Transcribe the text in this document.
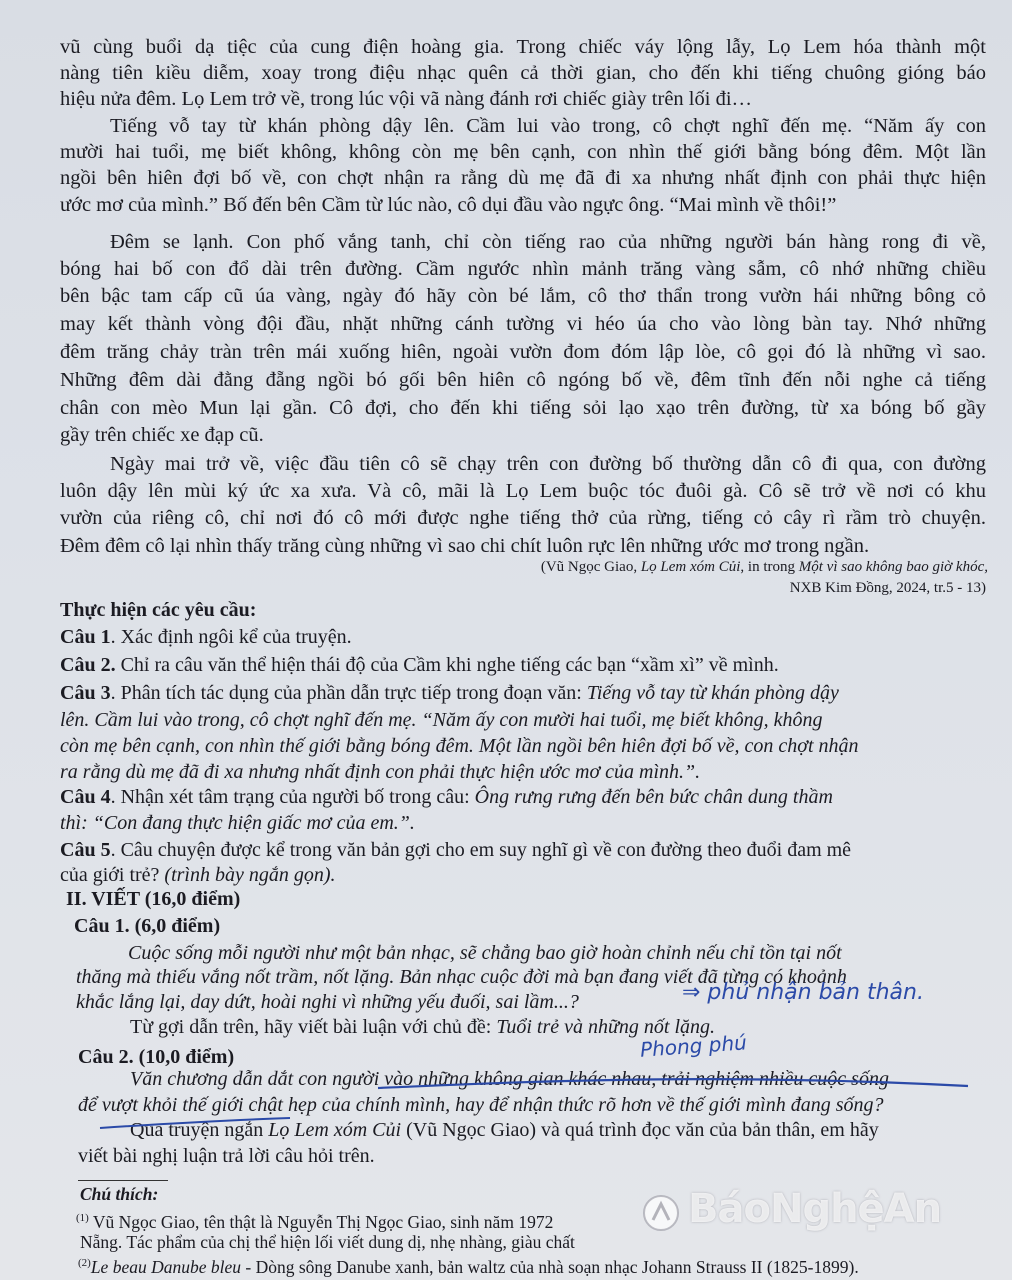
vũ cùng buổi dạ tiệc của cung điện hoàng gia. Trong chiếc váy lộng lẫy, Lọ Lem hóa thành một
nàng tiên kiều diễm, xoay trong điệu nhạc quên cả thời gian, cho đến khi tiếng chuông gióng báo
hiệu nửa đêm. Lọ Lem trở về, trong lúc vội vã nàng đánh rơi chiếc giày trên lối đi…
Tiếng vỗ tay từ khán phòng dậy lên. Cầm lui vào trong, cô chợt nghĩ đến mẹ. “Năm ấy con
mười hai tuổi, mẹ biết không, không còn mẹ bên cạnh, con nhìn thế giới bằng bóng đêm. Một lần
ngồi bên hiên đợi bố về, con chợt nhận ra rằng dù mẹ đã đi xa nhưng nhất định con phải thực hiện
ước mơ của mình.” Bố đến bên Cầm từ lúc nào, cô dụi đầu vào ngực ông. “Mai mình về thôi!”
Đêm se lạnh. Con phố vắng tanh, chỉ còn tiếng rao của những người bán hàng rong đi về,
bóng hai bố con đổ dài trên đường. Cầm ngước nhìn mảnh trăng vàng sẫm, cô nhớ những chiều
bên bậc tam cấp cũ úa vàng, ngày đó hãy còn bé lắm, cô thơ thẩn trong vườn hái những bông cỏ
may kết thành vòng đội đầu, nhặt những cánh tường vi héo úa cho vào lòng bàn tay. Nhớ những
đêm trăng chảy tràn trên mái xuống hiên, ngoài vườn đom đóm lập lòe, cô gọi đó là những vì sao.
Những đêm dài đằng đẵng ngồi bó gối bên hiên cô ngóng bố về, đêm tĩnh đến nỗi nghe cả tiếng
chân con mèo Mun lại gần. Cô đợi, cho đến khi tiếng sỏi lạo xạo trên đường, từ xa bóng bố gầy
gầy trên chiếc xe đạp cũ.
Ngày mai trở về, việc đầu tiên cô sẽ chạy trên con đường bố thường dẫn cô đi qua, con đường
luôn dậy lên mùi ký ức xa xưa. Và cô, mãi là Lọ Lem buộc tóc đuôi gà. Cô sẽ trở về nơi có khu
vườn của riêng cô, chỉ nơi đó cô mới được nghe tiếng thở của rừng, tiếng cỏ cây rì rầm trò chuyện.
Đêm đêm cô lại nhìn thấy trăng cùng những vì sao chi chít luôn rực lên những ước mơ trong ngần.
(Vũ Ngọc Giao, Lọ Lem xóm Củi, in trong Một vì sao không bao giờ khóc,
NXB Kim Đồng, 2024, tr.5 - 13)
Thực hiện các yêu cầu:
Câu 1. Xác định ngôi kể của truyện.
Câu 2. Chỉ ra câu văn thể hiện thái độ của Cầm khi nghe tiếng các bạn “xầm xì” về mình.
Câu 3. Phân tích tác dụng của phần dẫn trực tiếp trong đoạn văn: Tiếng vỗ tay từ khán phòng dậy
lên. Cầm lui vào trong, cô chợt nghĩ đến mẹ. “Năm ấy con mười hai tuổi, mẹ biết không, không
còn mẹ bên cạnh, con nhìn thế giới bằng bóng đêm. Một lần ngồi bên hiên đợi bố về, con chợt nhận
ra rằng dù mẹ đã đi xa nhưng nhất định con phải thực hiện ước mơ của mình.”.
Câu 4. Nhận xét tâm trạng của người bố trong câu: Ông rưng rưng đến bên bức chân dung thầm
thì: “Con đang thực hiện giấc mơ của em.”.
Câu 5. Câu chuyện được kể trong văn bản gợi cho em suy nghĩ gì về con đường theo đuổi đam mê
của giới trẻ? (trình bày ngắn gọn).
II. VIẾT (16,0 điểm)
Câu 1. (6,0 điểm)
Cuộc sống mỗi người như một bản nhạc, sẽ chẳng bao giờ hoàn chỉnh nếu chỉ tồn tại nốt
thăng mà thiếu vắng nốt trầm, nốt lặng. Bản nhạc cuộc đời mà bạn đang viết đã từng có khoảnh
khắc lắng lại, day dứt, hoài nghi vì những yếu đuối, sai lầm...?
Từ gợi dẫn trên, hãy viết bài luận với chủ đề: Tuổi trẻ và những nốt lặng.
Câu 2. (10,0 điểm)
Văn chương dẫn dắt con người vào những không gian khác nhau, trải nghiệm nhiều cuộc sống
để vượt khỏi thế giới chật hẹp của chính mình, hay để nhận thức rõ hơn về thế giới mình đang sống?
Qua truyện ngắn Lọ Lem xóm Củi (Vũ Ngọc Giao) và quá trình đọc văn của bản thân, em hãy
viết bài nghị luận trả lời câu hỏi trên.
⇒ phủ nhận bản thân.
Phong phú
Chú thích:
$^{(1)}$ Vũ Ngọc Giao, tên thật là Nguyễn Thị Ngọc Giao, sinh năm 1972
Nẵng. Tác phẩm của chị thể hiện lối viết dung dị, nhẹ nhàng, giàu chất
$^{(2)}$Le beau Danube bleu - Dòng sông Danube xanh, bản waltz của nhà soạn nhạc Johann Strauss II (1825-1899).
BáoNghệAn
